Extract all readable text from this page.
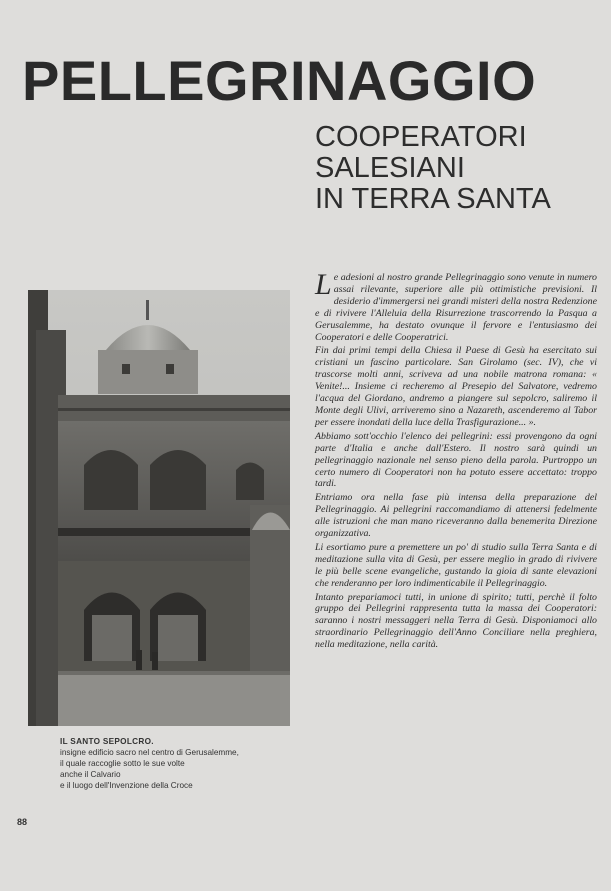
PELLEGRINAGGIO
COOPERATORI
SALESIANI
IN TERRA SANTA
IL SANTO SEPOLCRO.
insigne edificio sacro nel centro di Gerusalemme,
il quale raccoglie sotto le sue volte
anche il Calvario
e il luogo dell'Invenzione della Croce
88

Le adesioni al nostro grande Pellegrinaggio sono venute in numero assai rilevante, superiore alle più ottimistiche previsioni. Il desiderio d'immergersi nei grandi misteri della nostra Redenzione e di rivivere l'Alleluia della Risurrezione trascorrendo la Pasqua a Gerusalemme, ha destato ovunque il fervore e l'entusiasmo dei Cooperatori e delle Cooperatrici.

Fin dai primi tempi della Chiesa il Paese di Gesù ha esercitato sui cristiani un fascino particolare. San Girolamo (sec. IV), che vi trascorse molti anni, scriveva ad una nobile matrona romana: « Venite!... Insieme ci recheremo al Presepio del Salvatore, vedremo l'acqua del Giordano, andremo a piangere sul sepolcro, saliremo il Monte degli Ulivi, arriveremo sino a Nazareth, ascenderemo al Tabor per essere inondati della luce della Trasfigurazione... ».

Abbiamo sott'occhio l'elenco dei pellegrini: essi provengono da ogni parte d'Italia e anche dall'Estero. Il nostro sarà quindi un pellegrinaggio nazionale nel senso pieno della parola. Purtroppo un certo numero di Cooperatori non ha potuto essere accettato: troppo tardi.

Entriamo ora nella fase più intensa della preparazione del Pellegrinaggio. Ai pellegrini raccomandiamo di attenersi fedelmente alle istruzioni che man mano riceveranno dalla benemerita Direzione organizzativa.

Li esortiamo pure a premettere un po' di studio sulla Terra Santa e di meditazione sulla vita di Gesù, per essere meglio in grado di rivivere le più belle scene evangeliche, gustando la gioia di sante elevazioni che renderanno per loro indimenticabile il Pellegrinaggio.

Intanto prepariamoci tutti, in unione di spirito; tutti, perchè il folto gruppo dei Pellegrini rappresenta tutta la massa dei Cooperatori: saranno i nostri messaggeri nella Terra di Gesù. Disponiamoci allo straordinario Pellegrinaggio dell'Anno Conciliare nella preghiera, nella meditazione, nella carità.
